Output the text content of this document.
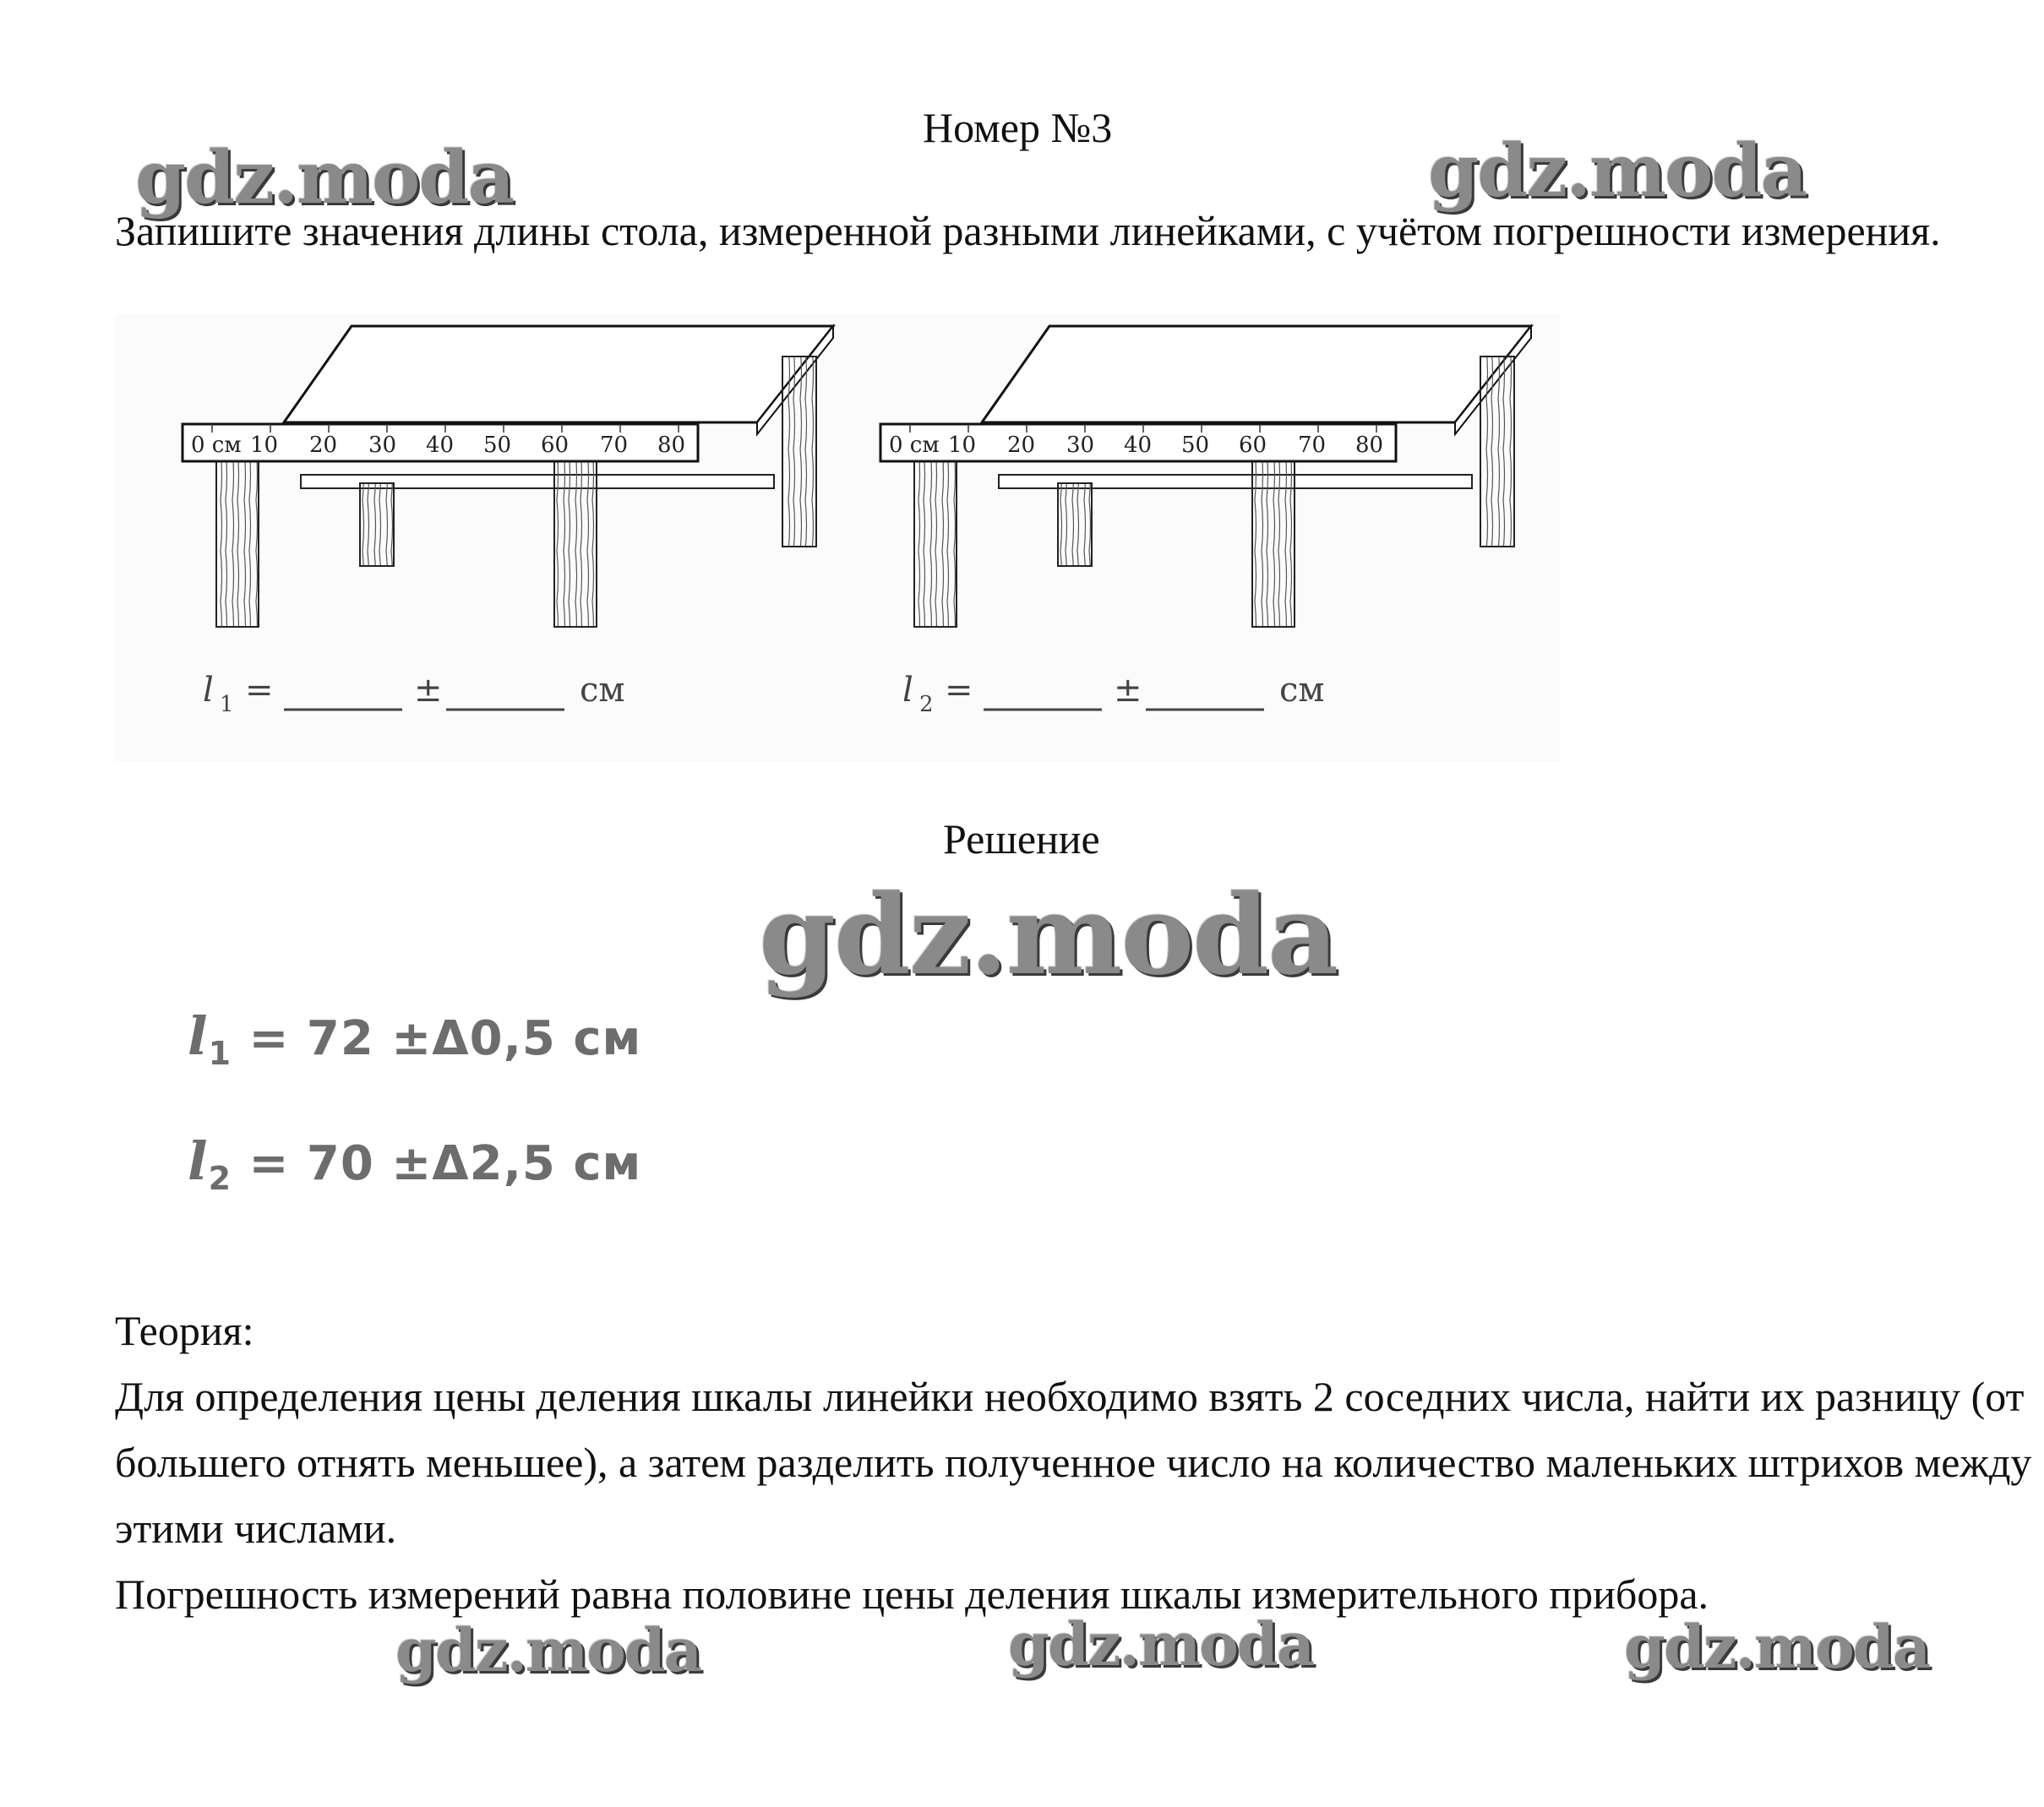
Номер №3
gdz.moda	gdz.moda
gdz.moda
gdz.moda	gdz.moda	gdz.moda
Запишите значения длины стола, измеренной разными линейками, с учётом погрешности измерения.
0 см 10 20 30 40 50 60 70 80	0 см 10 20 30 40 50 60 70 80
l 1 =	±	см	l 2 =	±	см
Решение
$l_1 = 72 \pm\Delta 0,5$ см
$l_2 = 70 \pm\Delta 2,5$ см
Теория:
Для определения цены деления шкалы линейки необходимо взять 2 соседних числа, найти их разницу (от большего отнять меньшее), а затем разделить полученное число на количество маленьких штрихов между этими числами.
Погрешность измерений равна половине цены деления шкалы измерительного прибора.
